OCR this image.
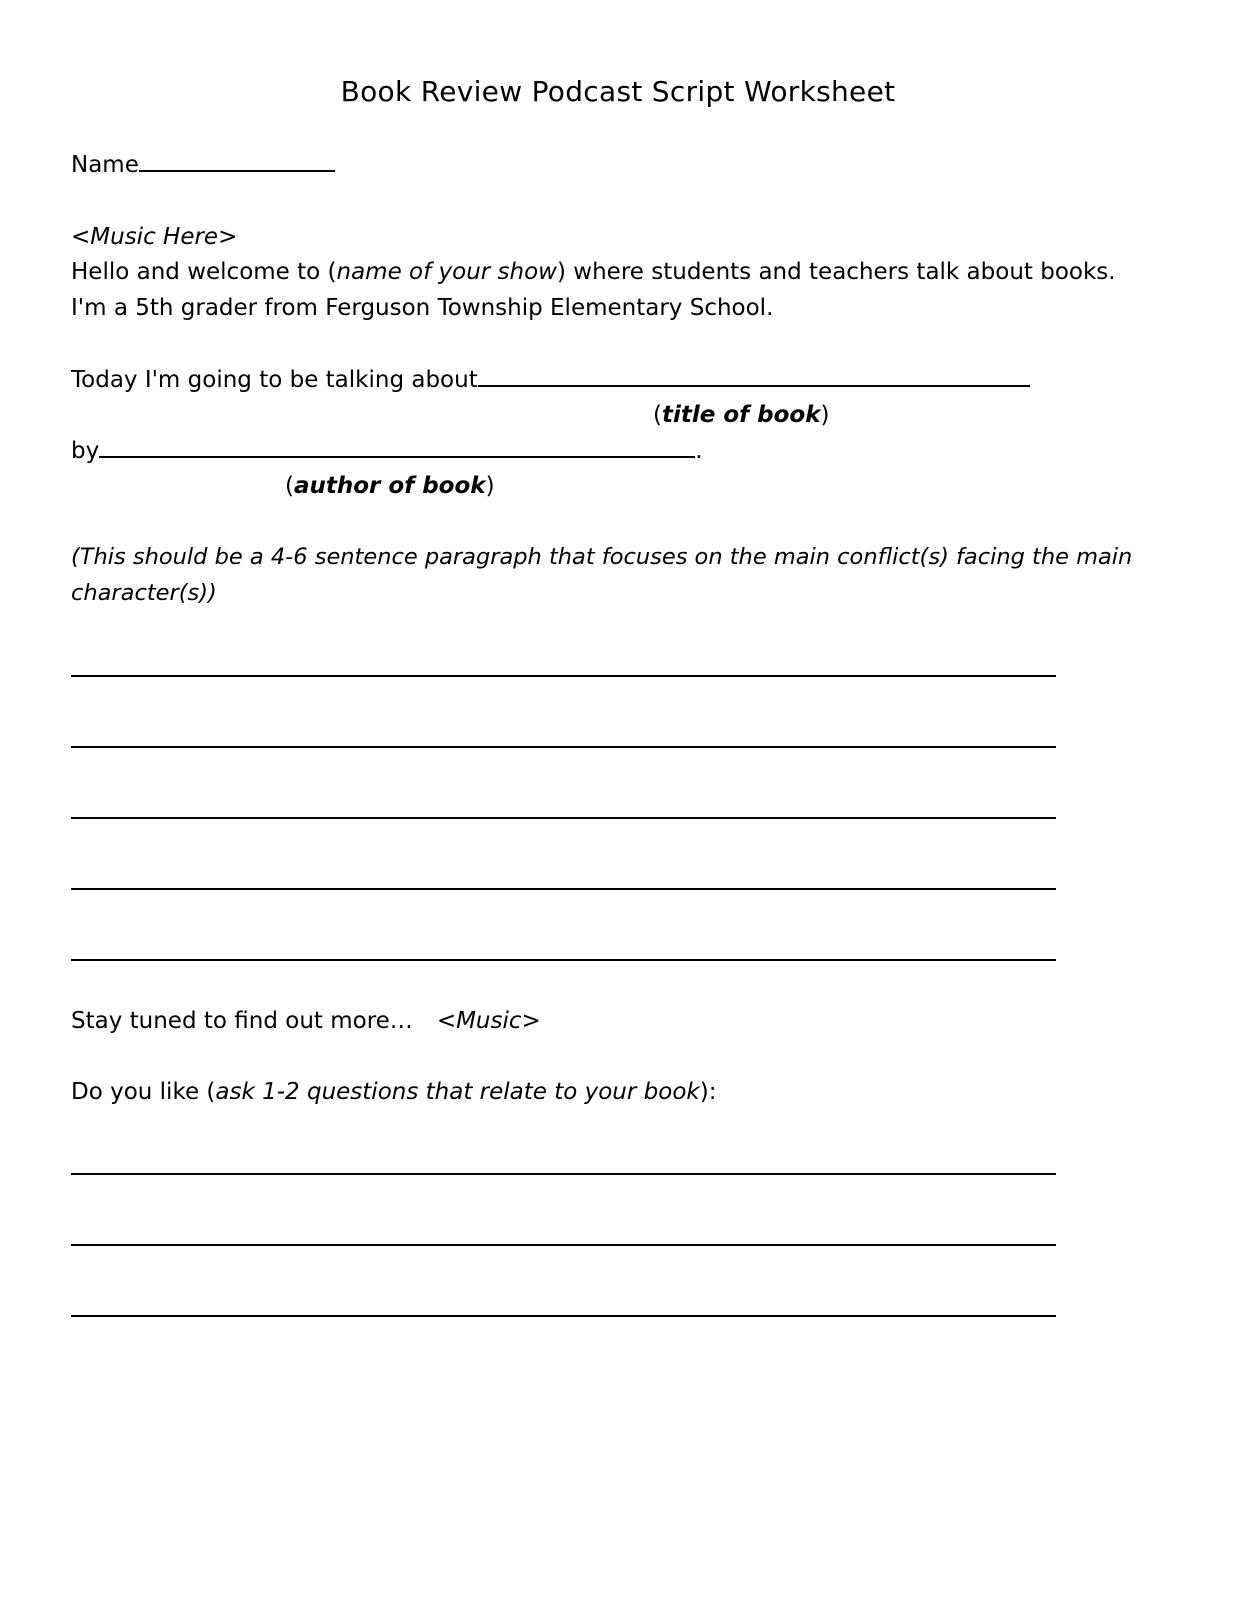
Book Review Podcast Script Worksheet
Name
<Music Here>
Hello and welcome to (name of your show) where students and teachers talk about books.
I'm a 5th grader from Ferguson Township Elementary School.
Today I'm going to be talking about
(title of book)
by	.
(author of book)
(This should be a 4-6 sentence paragraph that focuses on the main conflict(s) facing the main
character(s))
Stay tuned to find out more… <Music>
Do you like (ask 1-2 questions that relate to your book):
